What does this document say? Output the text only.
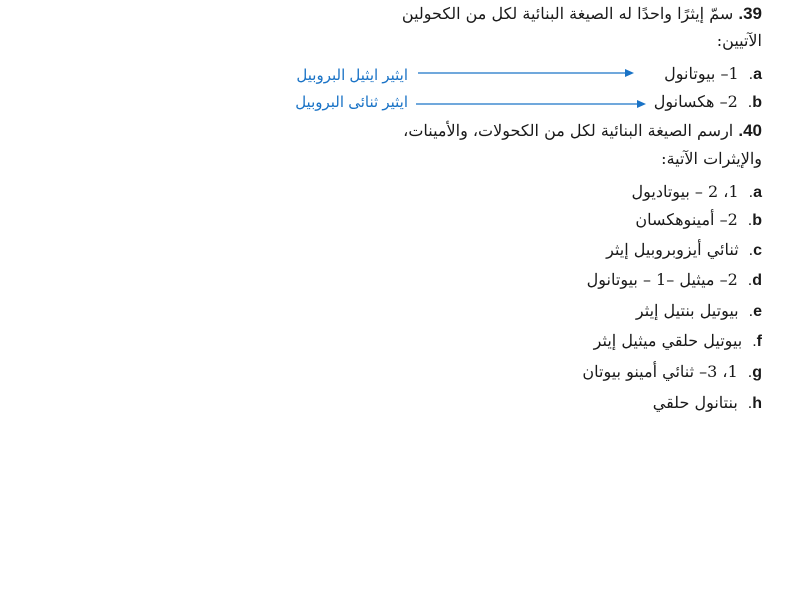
39. سمّ إيثرًا واحدًا له الصيغة البنائية لكل من الكحولين
الآتيين:
a.
1– بيوتانول
b.
2– هكسانول
ايثير ايثيل البروبيل
ايثير ثنائى البروبيل
40. ارسم الصيغة البنائية لكل من الكحولات، والأمينات،
والإيثرات الآتية:
a.
1، 2 – بيوتاديول
b.
2– أمينوهكسان
c.
ثنائي أيزوبروبيل إيثر
d.
2– ميثيل –1 – بيوتانول
e.
بيوتيل بنتيل إيثر
f.
بيوتيل حلقي ميثيل إيثر
g.
1، 3– ثنائي أمينو بيوتان
h.
بنتانول حلقي
